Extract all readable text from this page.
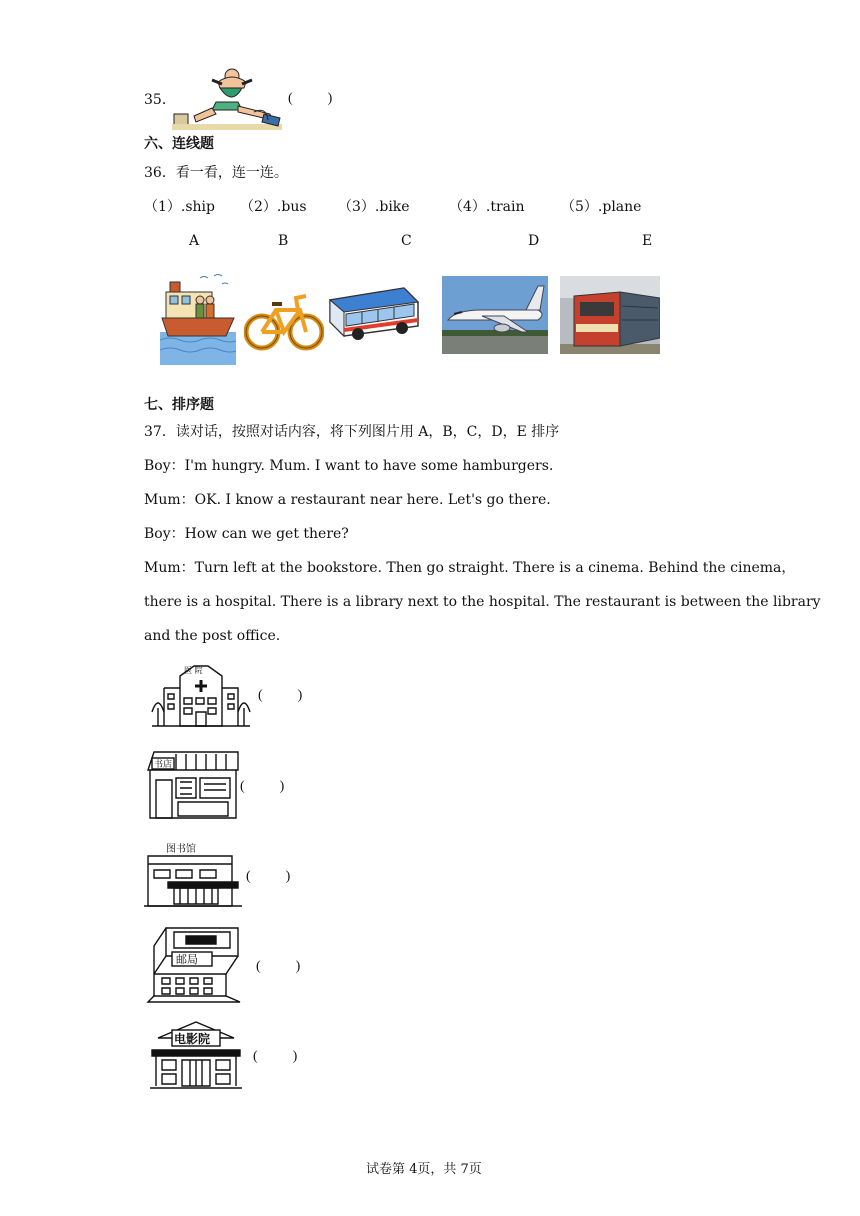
35．	(          )
六、连线题
36．看一看，连一连。
（1）.ship （2）.bus （3）.bike	（4）.train	（5）.plane
A	B	C	D	E
七、排序题
37．读对话，按照对话内容，将下列图片用 A，B，C，D，E 排序
Boy：I'm hungry. Mum. I want to have some hamburgers.
Mum：OK. I know a restaurant near here. Let's go there.
Boy：How can we get there?
Mum：Turn left at the bookstore. Then go straight. There is a cinema. Behind the cinema，
there is a hospital. There is a library next to the hospital. The restaurant is between the library
and the post office.
医 院
(          )
书店
(          )
图书馆
(          )
邮局	(          )
电影院
(          )
试卷第 4页，共 7页
